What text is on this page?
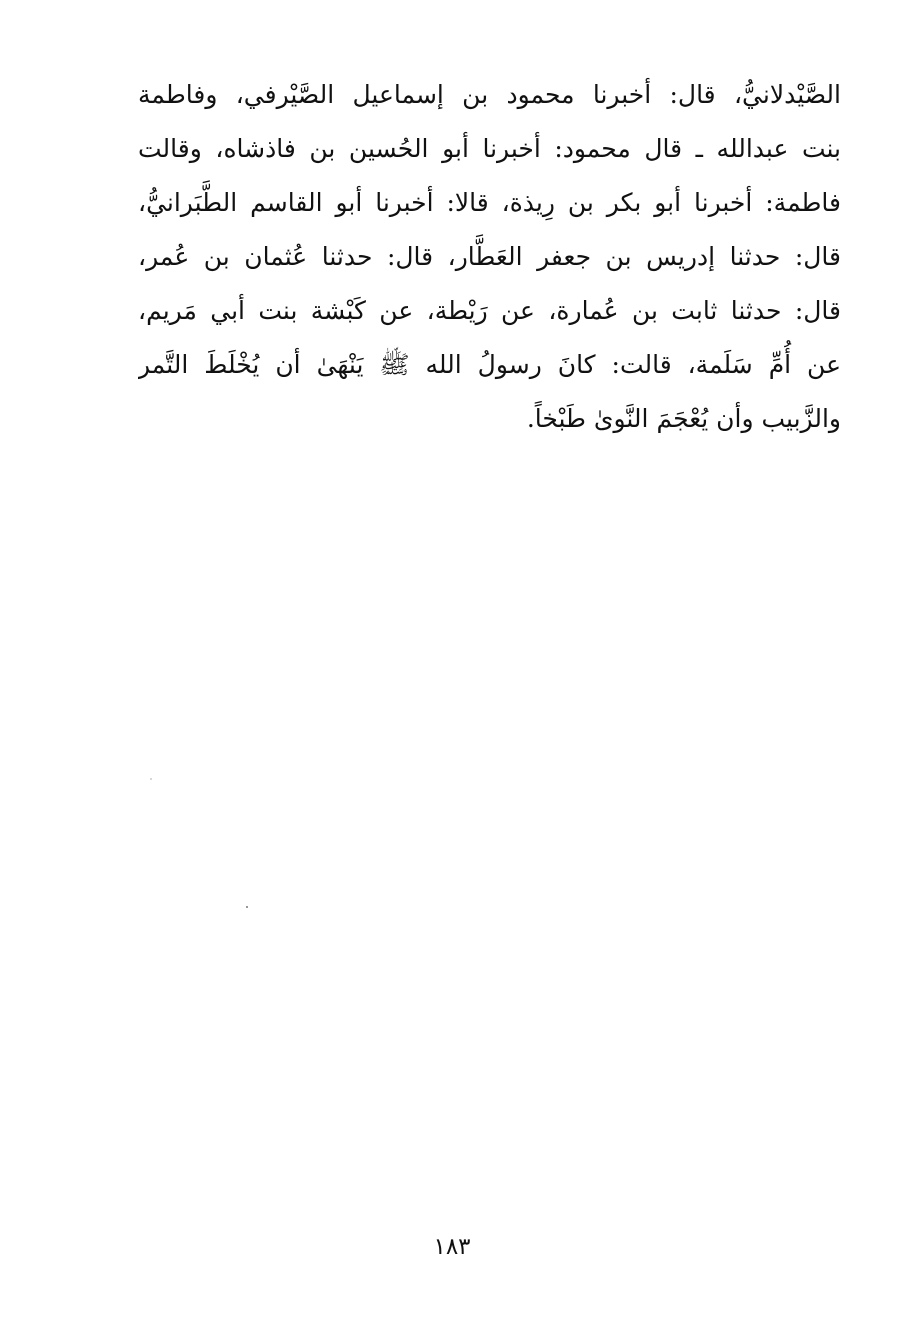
الصَّيْدلانيُّ، قال: أخبرنا محمود بن إسماعيل الصَّيْرفي، وفاطمة
بنت عبدالله ـ قال محمود: أخبرنا أبو الحُسين بن فاذشاه، وقالت
فاطمة: أخبرنا أبو بكر بن رِيذة، قالا: أخبرنا أبو القاسم الطَّبَرانيُّ،
قال: حدثنا إدريس بن جعفر العَطَّار، قال: حدثنا عُثمان بن عُمر،
قال: حدثنا ثابت بن عُمارة، عن رَيْطة، عن كَبْشة بنت أبي مَريم،
عن أُمِّ سَلَمة، قالت: كانَ رسولُ الله ﷺ يَنْهَىٰ أن يُخْلَطَ التَّمر
والزَّبيب وأن يُعْجَمَ النَّوىٰ طَبْخاً.
١٨٣
